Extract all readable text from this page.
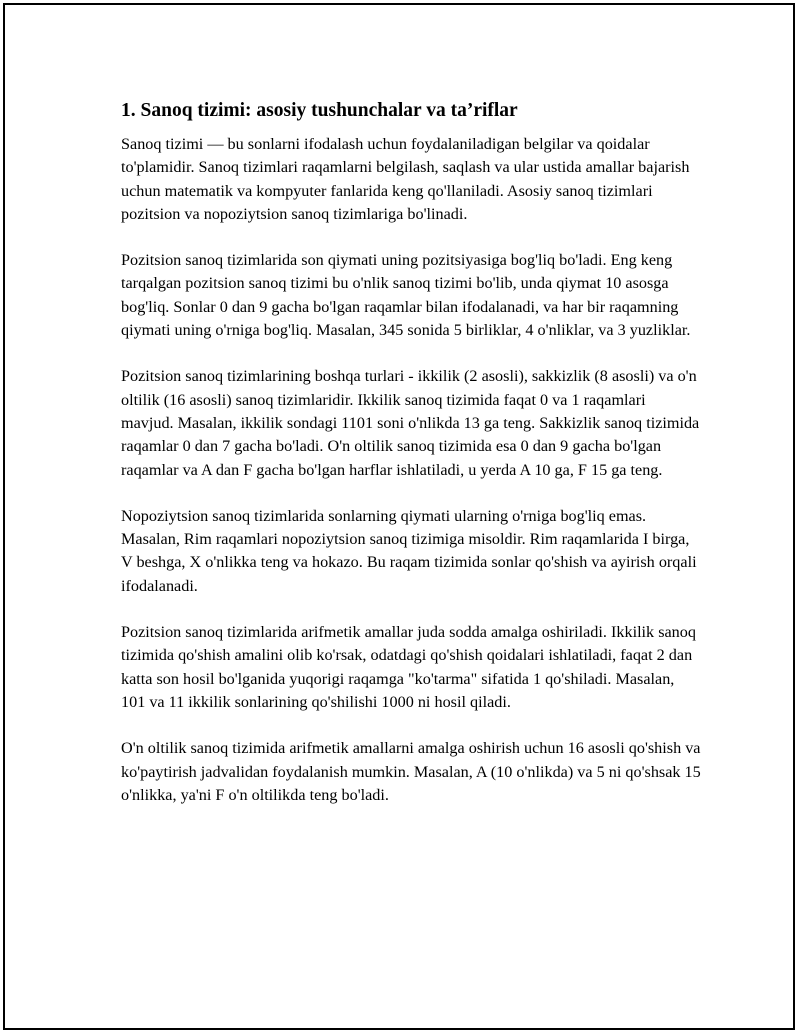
1. Sanoq tizimi: asosiy tushunchalar va ta’riflar

Sanoq tizimi — bu sonlarni ifodalash uchun foydalaniladigan belgilar va qoidalar to'plamidir. Sanoq tizimlari raqamlarni belgilash, saqlash va ular ustida amallar bajarish uchun matematik va kompyuter fanlarida keng qo'llaniladi. Asosiy sanoq tizimlari pozitsion va nopoziytsion sanoq tizimlariga bo'linadi.

Pozitsion sanoq tizimlarida son qiymati uning pozitsiyasiga bog'liq bo'ladi. Eng keng tarqalgan pozitsion sanoq tizimi bu o'nlik sanoq tizimi bo'lib, unda qiymat 10 asosga bog'liq. Sonlar 0 dan 9 gacha bo'lgan raqamlar bilan ifodalanadi, va har bir raqamning qiymati uning o'rniga bog'liq. Masalan, 345 sonida 5 birliklar, 4 o'nliklar, va 3 yuzliklar.

Pozitsion sanoq tizimlarining boshqa turlari - ikkilik (2 asosli), sakkizlik (8 asosli) va o'n oltilik (16 asosli) sanoq tizimlaridir. Ikkilik sanoq tizimida faqat 0 va 1 raqamlari mavjud. Masalan, ikkilik sondagi 1101 soni o'nlikda 13 ga teng. Sakkizlik sanoq tizimida raqamlar 0 dan 7 gacha bo'ladi. O'n oltilik sanoq tizimida esa 0 dan 9 gacha bo'lgan raqamlar va A dan F gacha bo'lgan harflar ishlatiladi, u yerda A 10 ga, F 15 ga teng.

Nopoziytsion sanoq tizimlarida sonlarning qiymati ularning o'rniga bog'liq emas. Masalan, Rim raqamlari nopoziytsion sanoq tizimiga misoldir. Rim raqamlarida I birga, V beshga, X o'nlikka teng va hokazo. Bu raqam tizimida sonlar qo'shish va ayirish orqali ifodalanadi.

Pozitsion sanoq tizimlarida arifmetik amallar juda sodda amalga oshiriladi. Ikkilik sanoq tizimida qo'shish amalini olib ko'rsak, odatdagi qo'shish qoidalari ishlatiladi, faqat 2 dan katta son hosil bo'lganida yuqorigi raqamga "ko'tarma" sifatida 1 qo'shiladi. Masalan, 101 va 11 ikkilik sonlarining qo'shilishi 1000 ni hosil qiladi.

O'n oltilik sanoq tizimida arifmetik amallarni amalga oshirish uchun 16 asosli qo'shish va ko'paytirish jadvalidan foydalanish mumkin. Masalan, A (10 o'nlikda) va 5 ni qo'shsak 15 o'nlikka, ya'ni F o'n oltilikda teng bo'ladi.
